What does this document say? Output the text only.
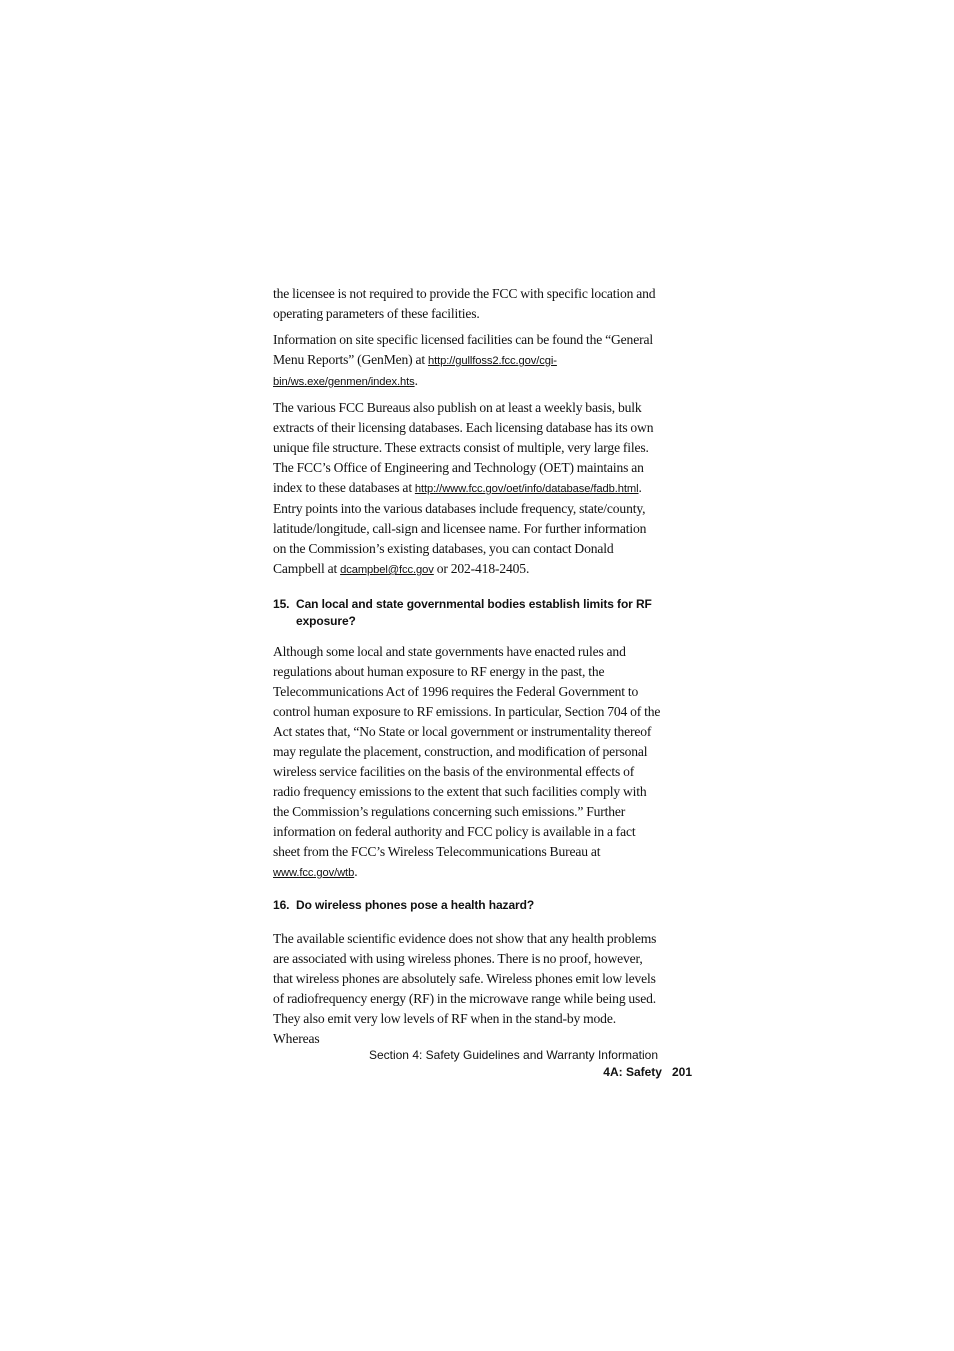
the licensee is not required to provide the FCC with specific location and operating parameters of these facilities.

Information on site specific licensed facilities can be found the “General Menu Reports” (GenMen) at http://gullfoss2.fcc.gov/cgi-bin/ws.exe/genmen/index.hts.

The various FCC Bureaus also publish on at least a weekly basis, bulk extracts of their licensing databases. Each licensing database has its own unique file structure. These extracts consist of multiple, very large files. The FCC’s Office of Engineering and Technology (OET) maintains an index to these databases at http://www.fcc.gov/oet/info/database/fadb.html. Entry points into the various databases include frequency, state/county, latitude/longitude, call-sign and licensee name. For further information on the Commission’s existing databases, you can contact Donald Campbell at dcampbel@fcc.gov or 202-418-2405.

15. Can local and state governmental bodies establish limits for RF exposure?

Although some local and state governments have enacted rules and regulations about human exposure to RF energy in the past, the Telecommunications Act of 1996 requires the Federal Government to control human exposure to RF emissions. In particular, Section 704 of the Act states that, “No State or local government or instrumentality thereof may regulate the placement, construction, and modification of personal wireless service facilities on the basis of the environmental effects of radio frequency emissions to the extent that such facilities comply with the Commission’s regulations concerning such emissions.” Further information on federal authority and FCC policy is available in a fact sheet from the FCC’s Wireless Telecommunications Bureau at www.fcc.gov/wtb.

16. Do wireless phones pose a health hazard?

The available scientific evidence does not show that any health problems are associated with using wireless phones. There is no proof, however, that wireless phones are absolutely safe. Wireless phones emit low levels of radiofrequency energy (RF) in the microwave range while being used. They also emit very low levels of RF when in the stand-by mode. Whereas

Section 4: Safety Guidelines and Warranty Information
4A: Safety 201
